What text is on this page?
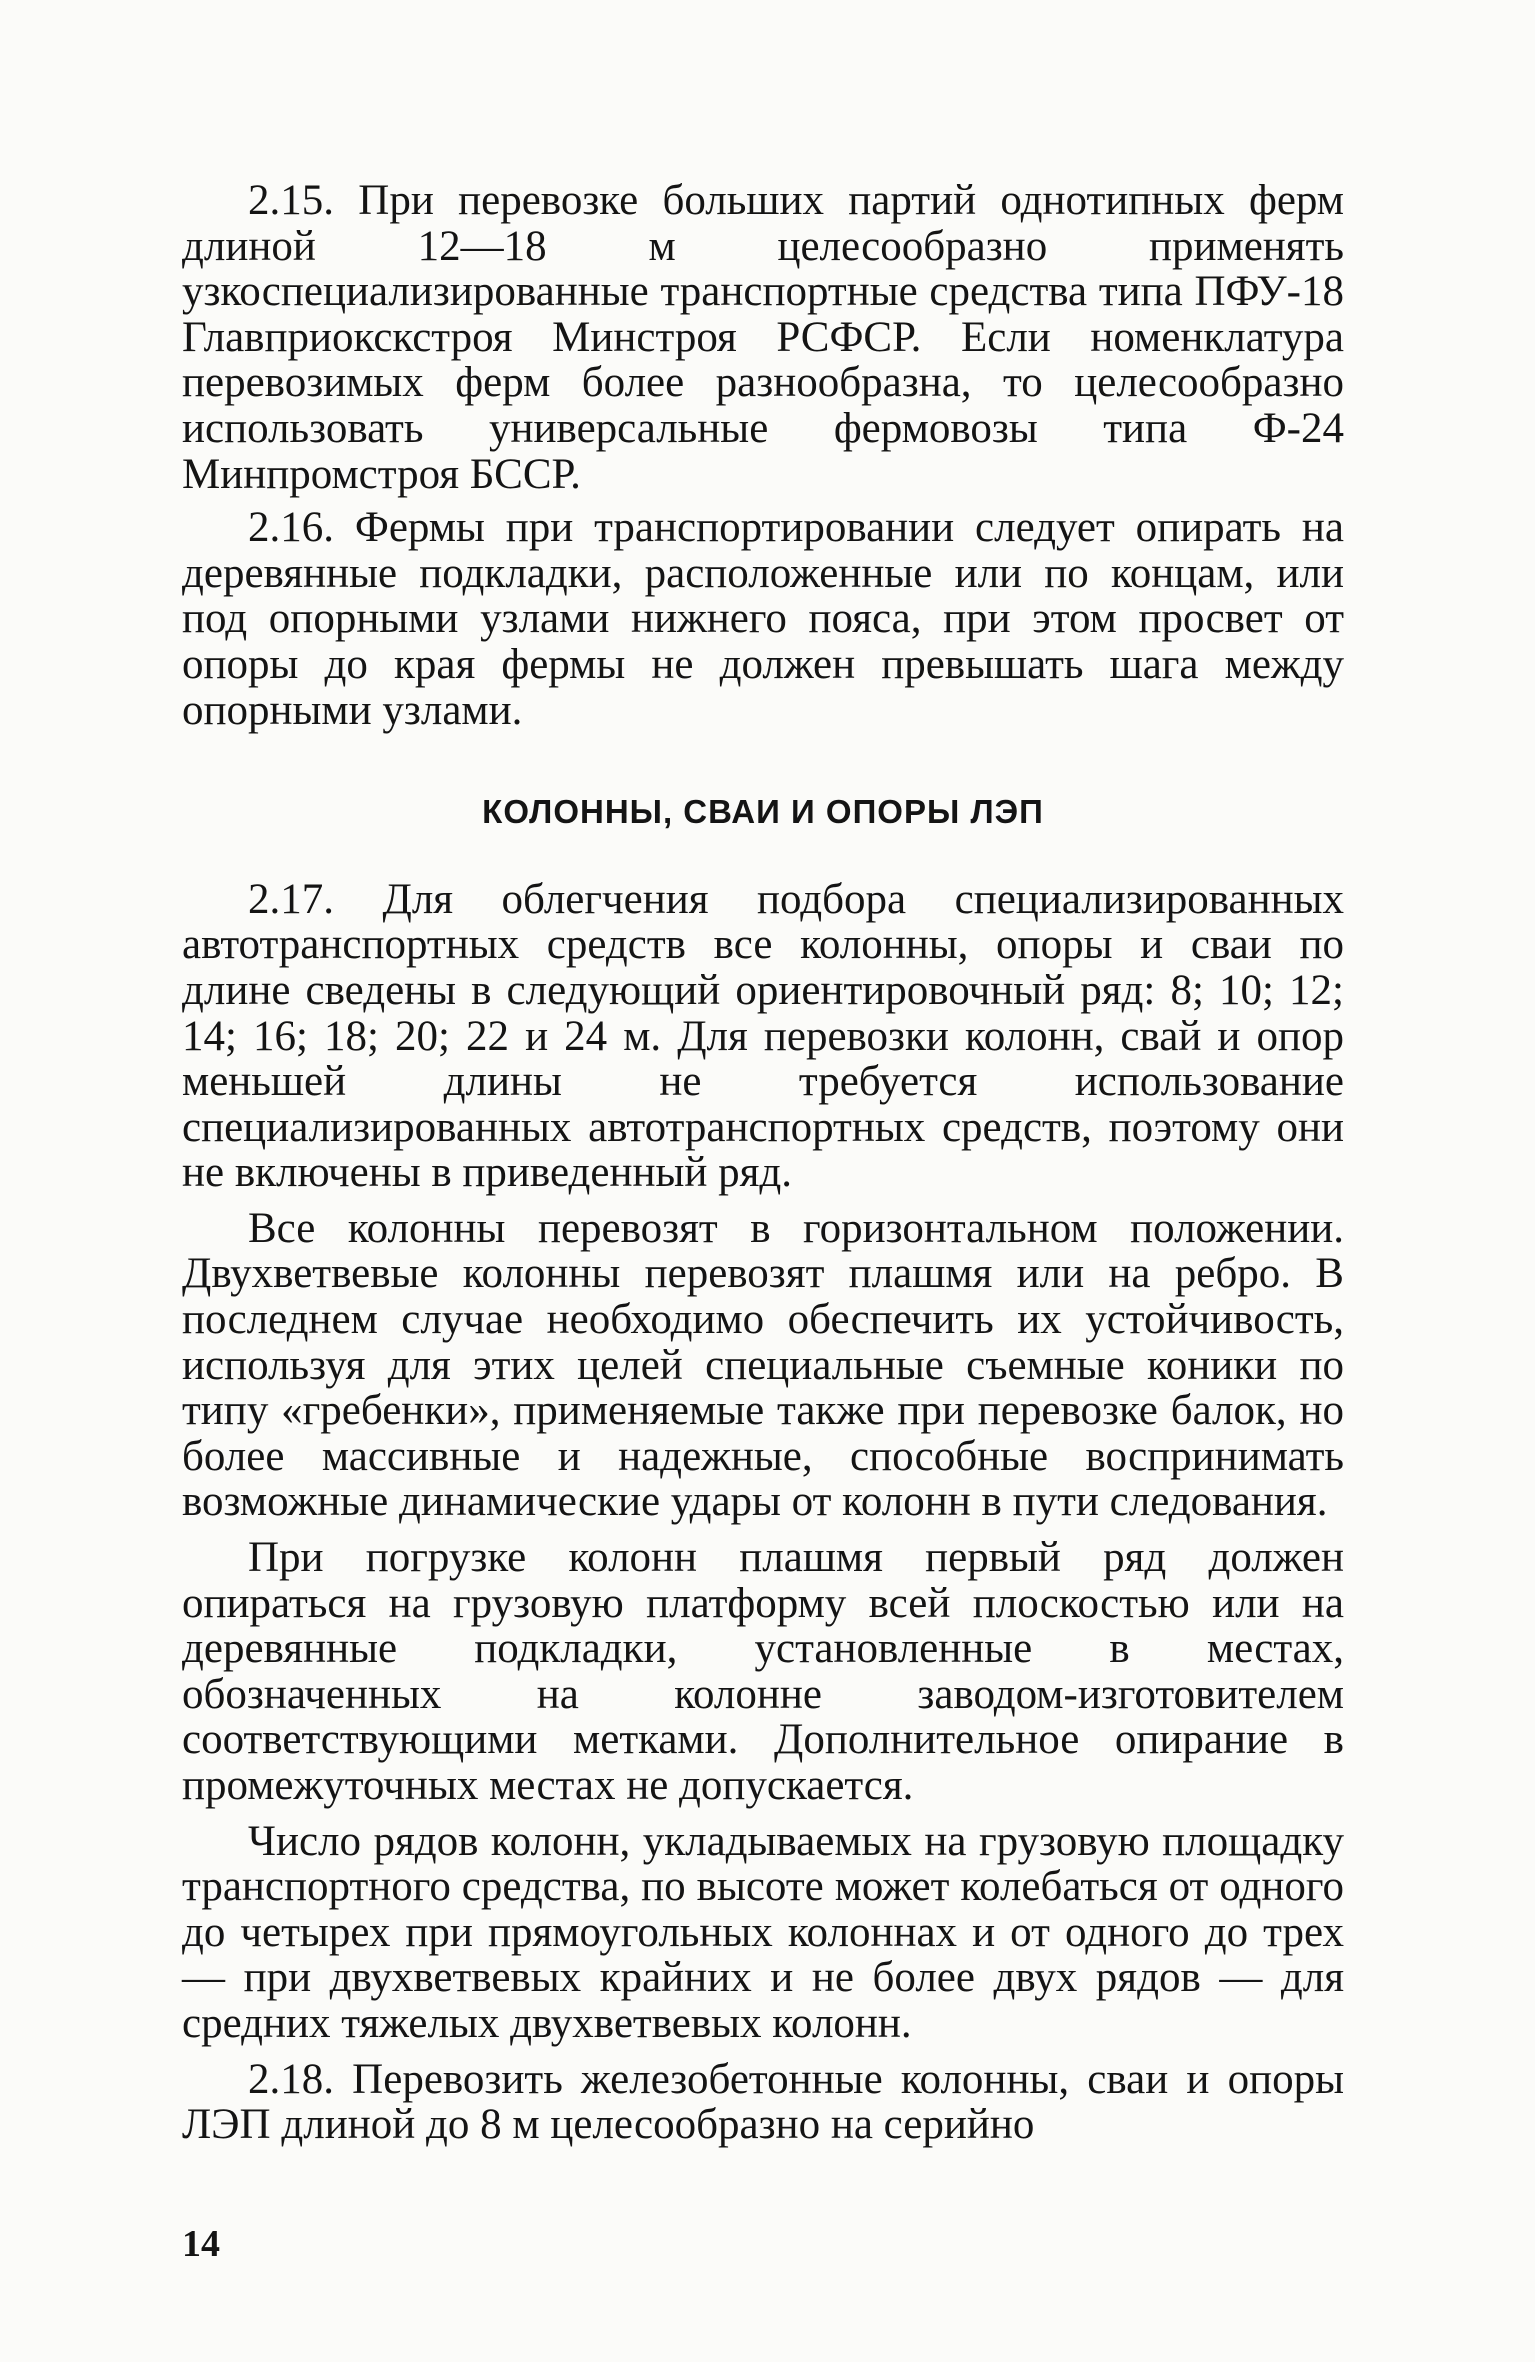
2.15. При перевозке больших партий однотипных ферм длиной 12—18 м целесообразно применять узкоспециализированные транспортные средства типа ПФУ-18 Главприокскстроя Минстроя РСФСР. Если номенклатура перевозимых ферм более разнообразна, то целесообразно использовать универсальные фермовозы типа Ф-24 Минпромстроя БССР.

2.16. Фермы при транспортировании следует опирать на деревянные подкладки, расположенные или по концам, или под опорными узлами нижнего пояса, при этом просвет от опоры до края фермы не должен превышать шага между опорными узлами.

КОЛОННЫ, СВАИ И ОПОРЫ ЛЭП

2.17. Для облегчения подбора специализированных автотранспортных средств все колонны, опоры и сваи по длине сведены в следующий ориентировочный ряд: 8; 10; 12; 14; 16; 18; 20; 22 и 24 м. Для перевозки колонн, свай и опор меньшей длины не требуется использование специализированных автотранспортных средств, поэтому они не включены в приведенный ряд.

Все колонны перевозят в горизонтальном положении. Двухветвевые колонны перевозят плашмя или на ребро. В последнем случае необходимо обеспечить их устойчивость, используя для этих целей специальные съемные коники по типу «гребенки», применяемые также при перевозке балок, но более массивные и надежные, способные воспринимать возможные динамические удары от колонн в пути следования.

При погрузке колонн плашмя первый ряд должен опираться на грузовую платформу всей плоскостью или на деревянные подкладки, установленные в местах, обозначенных на колонне заводом-изготовителем соответствующими метками. Дополнительное опирание в промежуточных местах не допускается.

Число рядов колонн, укладываемых на грузовую площадку транспортного средства, по высоте может колебаться от одного до четырех при прямоугольных колоннах и от одного до трех — при двухветвевых крайних и не более двух рядов — для средних тяжелых двухветвевых колонн.

2.18. Перевозить железобетонные колонны, сваи и опоры ЛЭП длиной до 8 м целесообразно на серийно

14
